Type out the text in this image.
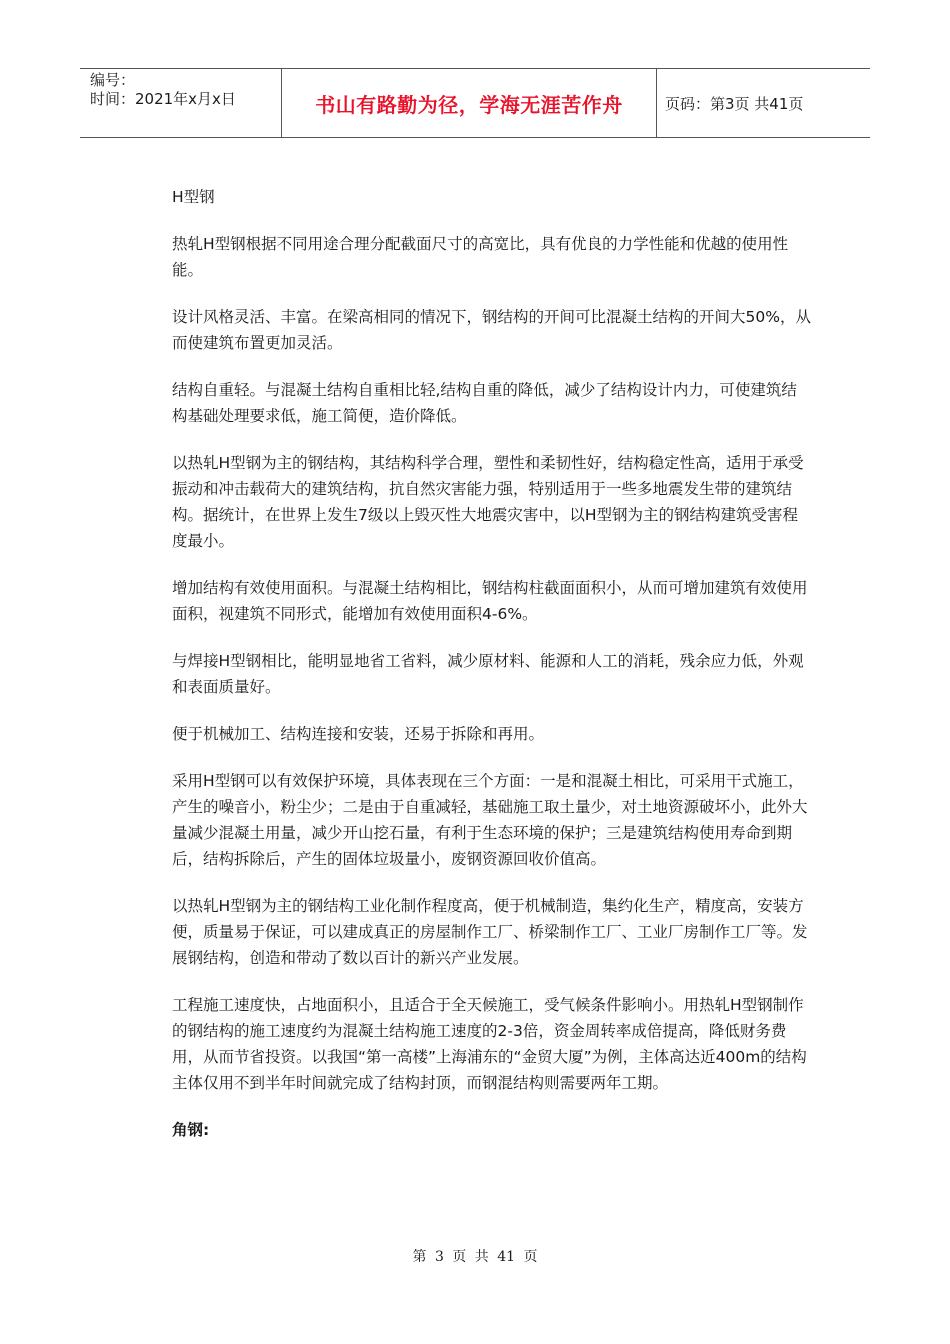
编号：
时间：2021年x月x日	书山有路勤为径，学海无涯苦作舟	页码：第3页 共41页

H型钢

热轧H型钢根据不同用途合理分配截面尺寸的高宽比，具有优良的力学性能和优越的使用性能。

设计风格灵活、丰富。在梁高相同的情况下，钢结构的开间可比混凝土结构的开间大50%，从而使建筑布置更加灵活。

结构自重轻。与混凝土结构自重相比轻,结构自重的降低，减少了结构设计内力，可使建筑结构基础处理要求低，施工简便，造价降低。

以热轧H型钢为主的钢结构，其结构科学合理，塑性和柔韧性好，结构稳定性高，适用于承受振动和冲击载荷大的建筑结构，抗自然灾害能力强，特别适用于一些多地震发生带的建筑结构。据统计，在世界上发生7级以上毁灭性大地震灾害中，以H型钢为主的钢结构建筑受害程度最小。

增加结构有效使用面积。与混凝土结构相比，钢结构柱截面面积小，从而可增加建筑有效使用面积，视建筑不同形式，能增加有效使用面积4-6%。

与焊接H型钢相比，能明显地省工省料，减少原材料、能源和人工的消耗，残余应力低，外观和表面质量好。

便于机械加工、结构连接和安装，还易于拆除和再用。

采用H型钢可以有效保护环境，具体表现在三个方面：一是和混凝土相比，可采用干式施工，产生的噪音小，粉尘少；二是由于自重减轻，基础施工取土量少，对土地资源破坏小，此外大量减少混凝土用量，减少开山挖石量，有利于生态环境的保护；三是建筑结构使用寿命到期后，结构拆除后，产生的固体垃圾量小，废钢资源回收价值高。

以热轧H型钢为主的钢结构工业化制作程度高，便于机械制造，集约化生产，精度高，安装方便，质量易于保证，可以建成真正的房屋制作工厂、桥梁制作工厂、工业厂房制作工厂等。发展钢结构，创造和带动了数以百计的新兴产业发展。

工程施工速度快，占地面积小，且适合于全天候施工，受气候条件影响小。用热轧H型钢制作的钢结构的施工速度约为混凝土结构施工速度的2-3倍，资金周转率成倍提高，降低财务费用，从而节省投资。以我国“第一高楼”上海浦东的“金贸大厦”为例，主体高达近400m的结构主体仅用不到半年时间就完成了结构封顶，而钢混结构则需要两年工期。

角钢:

第 3 页 共 41 页
